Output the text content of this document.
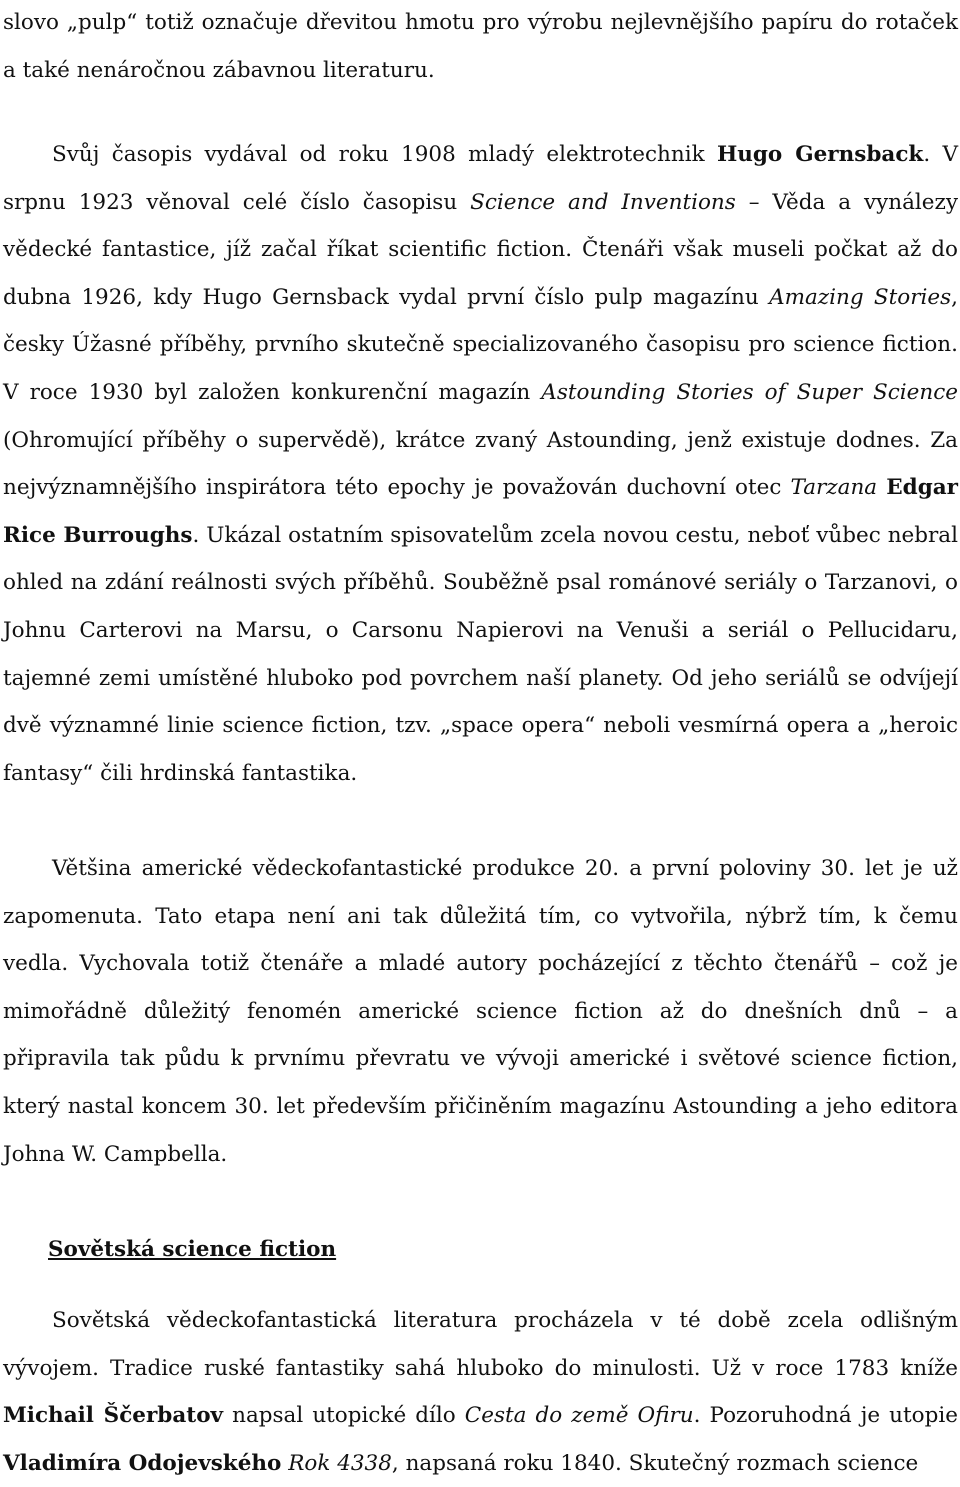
slovo „pulp“ totiž označuje dřevitou hmotu pro výrobu nejlevnějšího papíru do rotaček a také nenáročnou zábavnou literaturu.

Svůj časopis vydával od roku 1908 mladý elektrotechnik Hugo Gernsback. V srpnu 1923 věnoval celé číslo časopisu Science and Inventions – Věda a vynálezy vědecké fantastice, jíž začal říkat scientific fiction. Čtenáři však museli počkat až do dubna 1926, kdy Hugo Gernsback vydal první číslo pulp magazínu Amazing Stories, česky Úžasné příběhy, prvního skutečně specializovaného časopisu pro science fiction. V roce 1930 byl založen konkurenční magazín Astounding Stories of Super Science (Ohromující příběhy o supervědě), krátce zvaný Astounding, jenž existuje dodnes. Za nejvýznamnějšího inspirátora této epochy je považován duchovní otec Tarzana Edgar Rice Burroughs. Ukázal ostatním spisovatelům zcela novou cestu, neboť vůbec nebral ohled na zdání reálnosti svých příběhů. Souběžně psal románové seriály o Tarzanovi, o Johnu Carterovi na Marsu, o Carsonu Napierovi na Venuši a seriál o Pellucidaru, tajemné zemi umístěné hluboko pod povrchem naší planety. Od jeho seriálů se odvíjejí dvě významné linie science fiction, tzv. „space opera“ neboli vesmírná opera a „heroic fantasy“ čili hrdinská fantastika.

Většina americké vědeckofantastické produkce 20. a první poloviny 30. let je už zapomenuta. Tato etapa není ani tak důležitá tím, co vytvořila, nýbrž tím, k čemu vedla. Vychovala totiž čtenáře a mladé autory pocházející z těchto čtenářů – což je mimořádně důležitý fenomén americké science fiction až do dnešních dnů – a připravila tak půdu k prvnímu převratu ve vývoji americké i světové science fiction, který nastal koncem 30. let především přičiněním magazínu Astounding a jeho editora Johna W. Campbella.

Sovětská science fiction

Sovětská vědeckofantastická literatura procházela v té době zcela odlišným vývojem. Tradice ruské fantastiky sahá hluboko do minulosti. Už v roce 1783 kníže Michail Ščerbatov napsal utopické dílo Cesta do země Ofiru. Pozoruhodná je utopie Vladimíra Odojevského Rok 4338, napsaná roku 1840. Skutečný rozmach science
